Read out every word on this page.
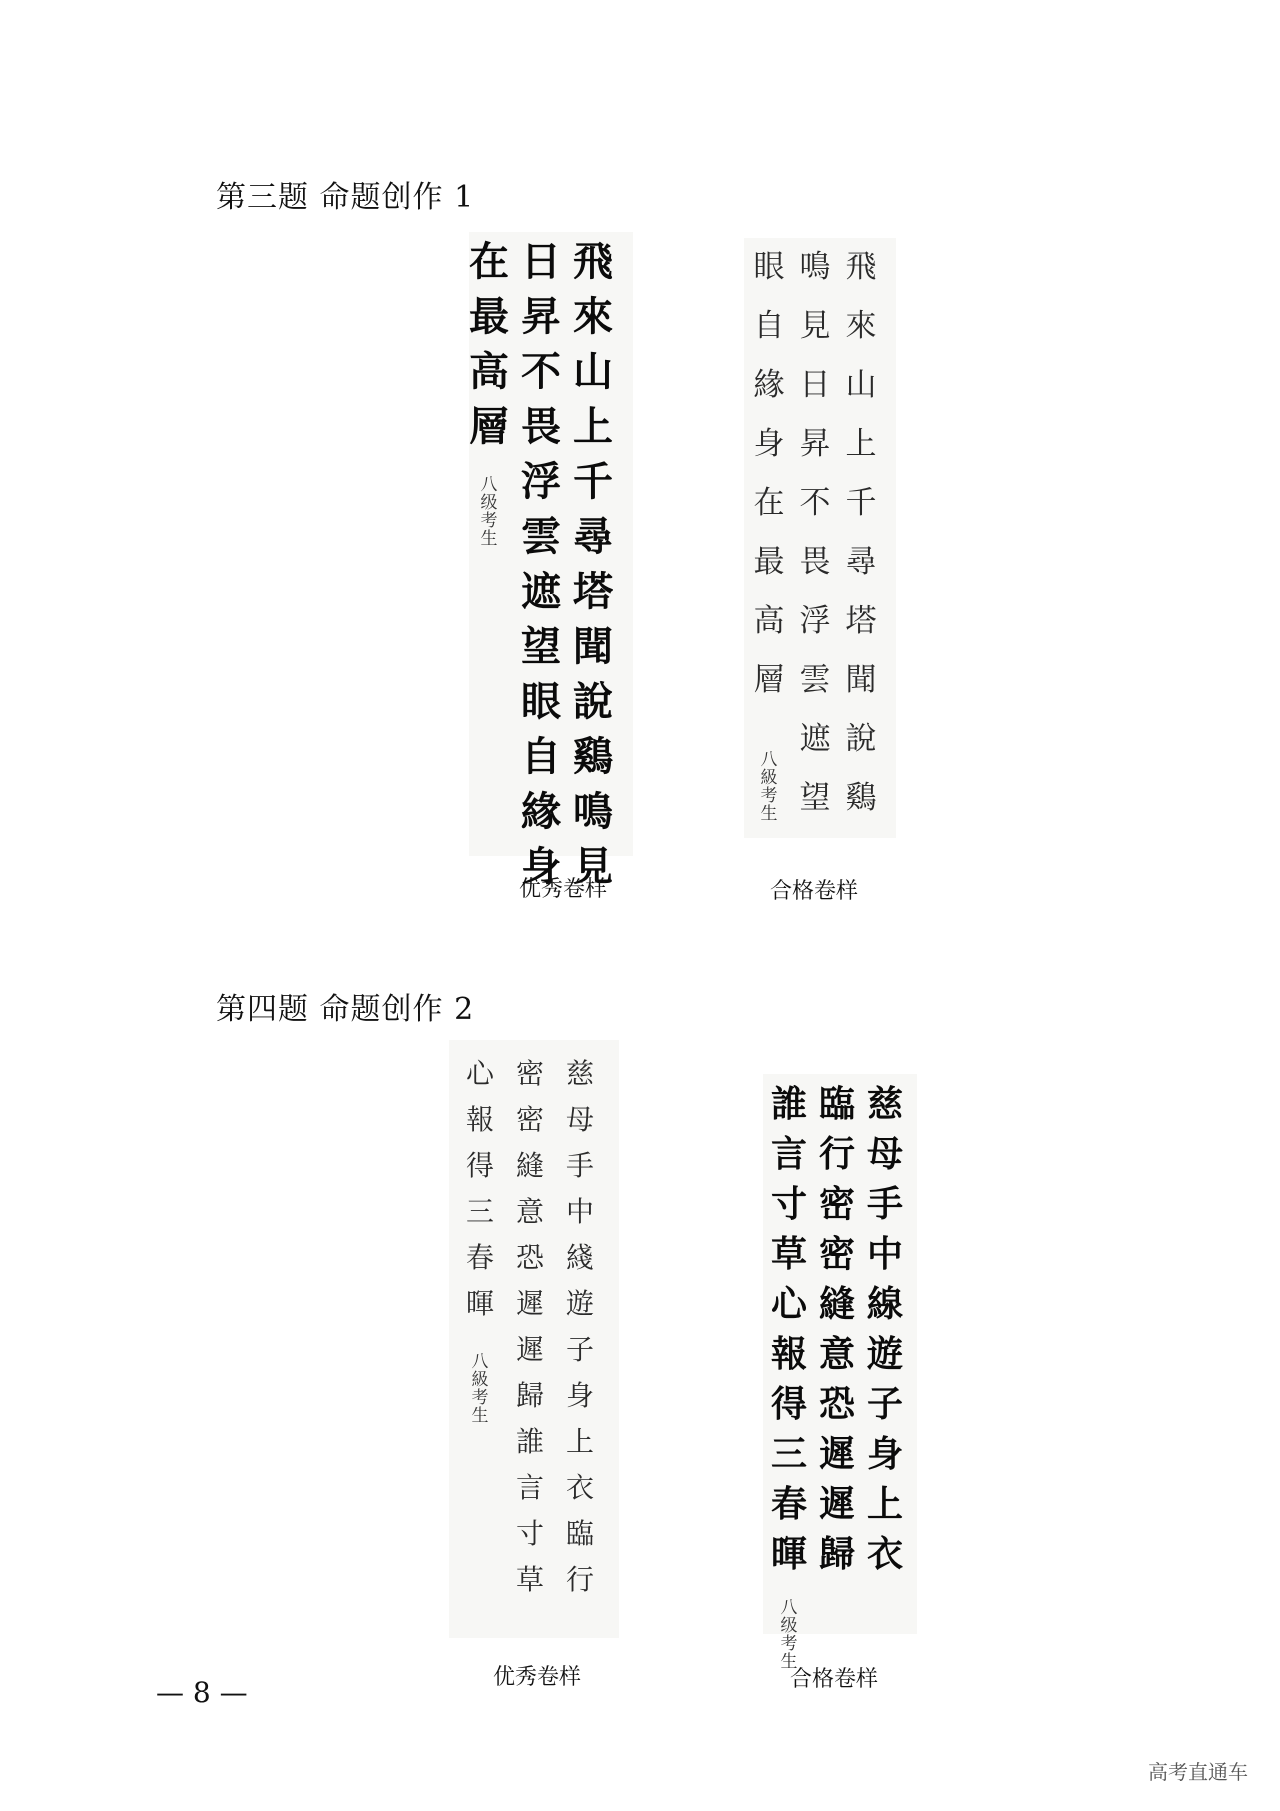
第三题 命题创作 1
飛
來
山
上
千
尋
塔
聞
說
鷄
鳴
見
日
昇
不
畏
浮
雲
遮
望
眼
自
緣
身
在
最
高
層
八
级
考
生
优秀卷样
飛
來
山
上
千
尋
塔
聞
說
鷄
鳴
見
日
昇
不
畏
浮
雲
遮
望
眼
自
緣
身
在
最
高
層
八
級
考
生
合格卷样
第四题 命题创作 2
慈
母
手
中
綫
遊
子
身
上
衣
臨
行
密
密
縫
意
恐
遲
遲
歸
誰
言
寸
草
心
報
得
三
春
暉
八
級
考
生
优秀卷样
慈
母
手
中
線
遊
子
身
上
衣
臨
行
密
密
縫
意
恐
遲
遲
歸
誰
言
寸
草
心
報
得
三
春
暉
八
级
考
生
合格卷样
— 8 —
高考直通车
